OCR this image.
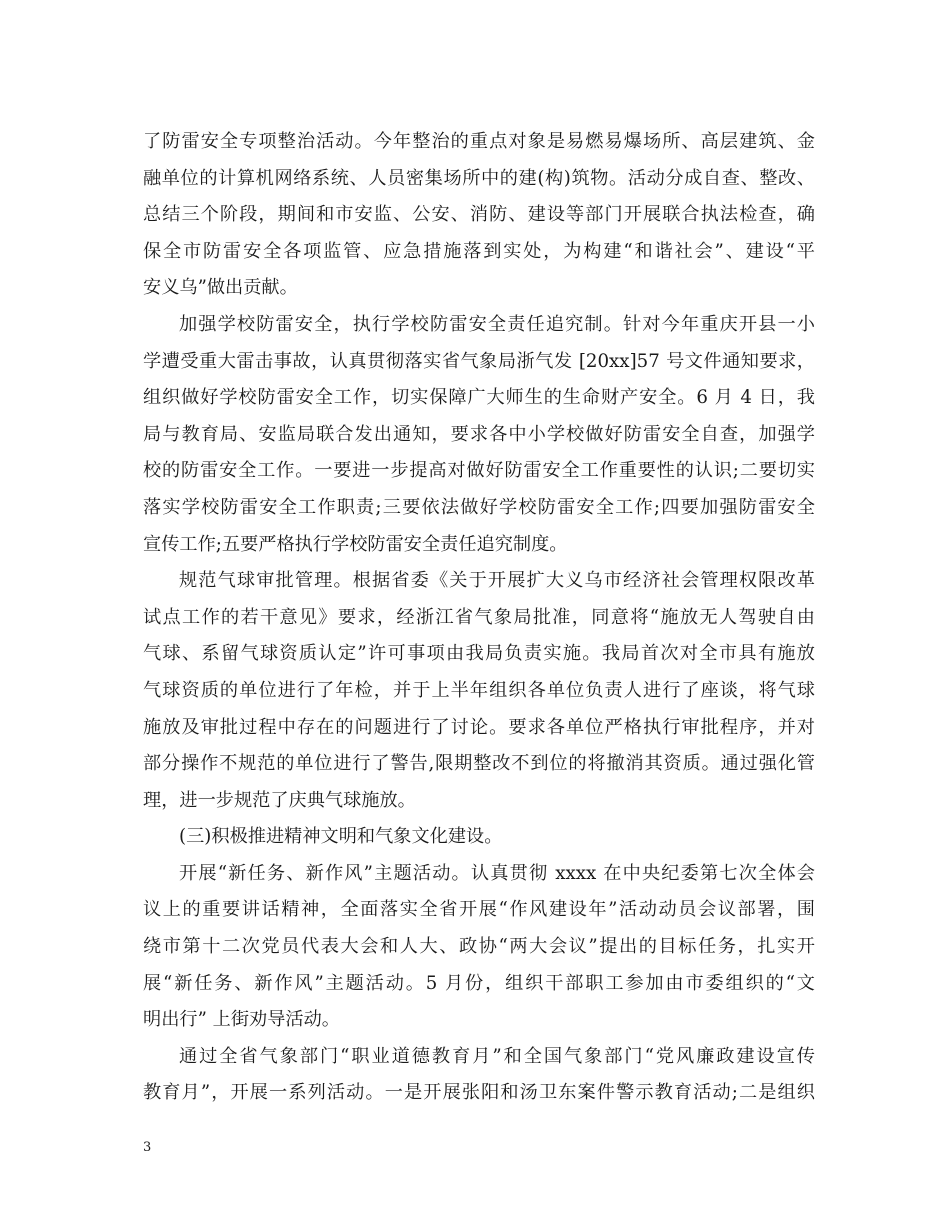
了防雷安全专项整治活动。今年整治的重点对象是易燃易爆场所、高层建筑、金
融单位的计算机网络系统、人员密集场所中的建(构)筑物。活动分成自查、整改、
总结三个阶段，期间和市安监、公安、消防、建设等部门开展联合执法检查，确
保全市防雷安全各项监管、应急措施落到实处，为构建“和谐社会”、建设“平
安义乌”做出贡献。
加强学校防雷安全，执行学校防雷安全责任追究制。针对今年重庆开县一小
学遭受重大雷击事故，认真贯彻落实省气象局浙气发 [20xx]57 号文件通知要求，
组织做好学校防雷安全工作，切实保障广大师生的生命财产安全。6 月 4 日，我
局与教育局、安监局联合发出通知，要求各中小学校做好防雷安全自查，加强学
校的防雷安全工作。一要进一步提高对做好防雷安全工作重要性的认识;二要切实
落实学校防雷安全工作职责;三要依法做好学校防雷安全工作;四要加强防雷安全
宣传工作;五要严格执行学校防雷安全责任追究制度。
规范气球审批管理。根据省委《关于开展扩大义乌市经济社会管理权限改革
试点工作的若干意见》要求，经浙江省气象局批准，同意将“施放无人驾驶自由
气球、系留气球资质认定”许可事项由我局负责实施。我局首次对全市具有施放
气球资质的单位进行了年检，并于上半年组织各单位负责人进行了座谈，将气球
施放及审批过程中存在的问题进行了讨论。要求各单位严格执行审批程序，并对
部分操作不规范的单位进行了警告,限期整改不到位的将撤消其资质。通过强化管
理，进一步规范了庆典气球施放。
(三)积极推进精神文明和气象文化建设。
开展“新任务、新作风”主题活动。认真贯彻 xxxx 在中央纪委第七次全体会
议上的重要讲话精神，全面落实全省开展“作风建设年”活动动员会议部署，围
绕市第十二次党员代表大会和人大、政协“两大会议”提出的目标任务，扎实开
展“新任务、新作风”主题活动。5 月份，组织干部职工参加由市委组织的“文
明出行” 上街劝导活动。
通过全省气象部门“职业道德教育月”和全国气象部门“党风廉政建设宣传
教育月”，开展一系列活动。一是开展张阳和汤卫东案件警示教育活动;二是组织
3
